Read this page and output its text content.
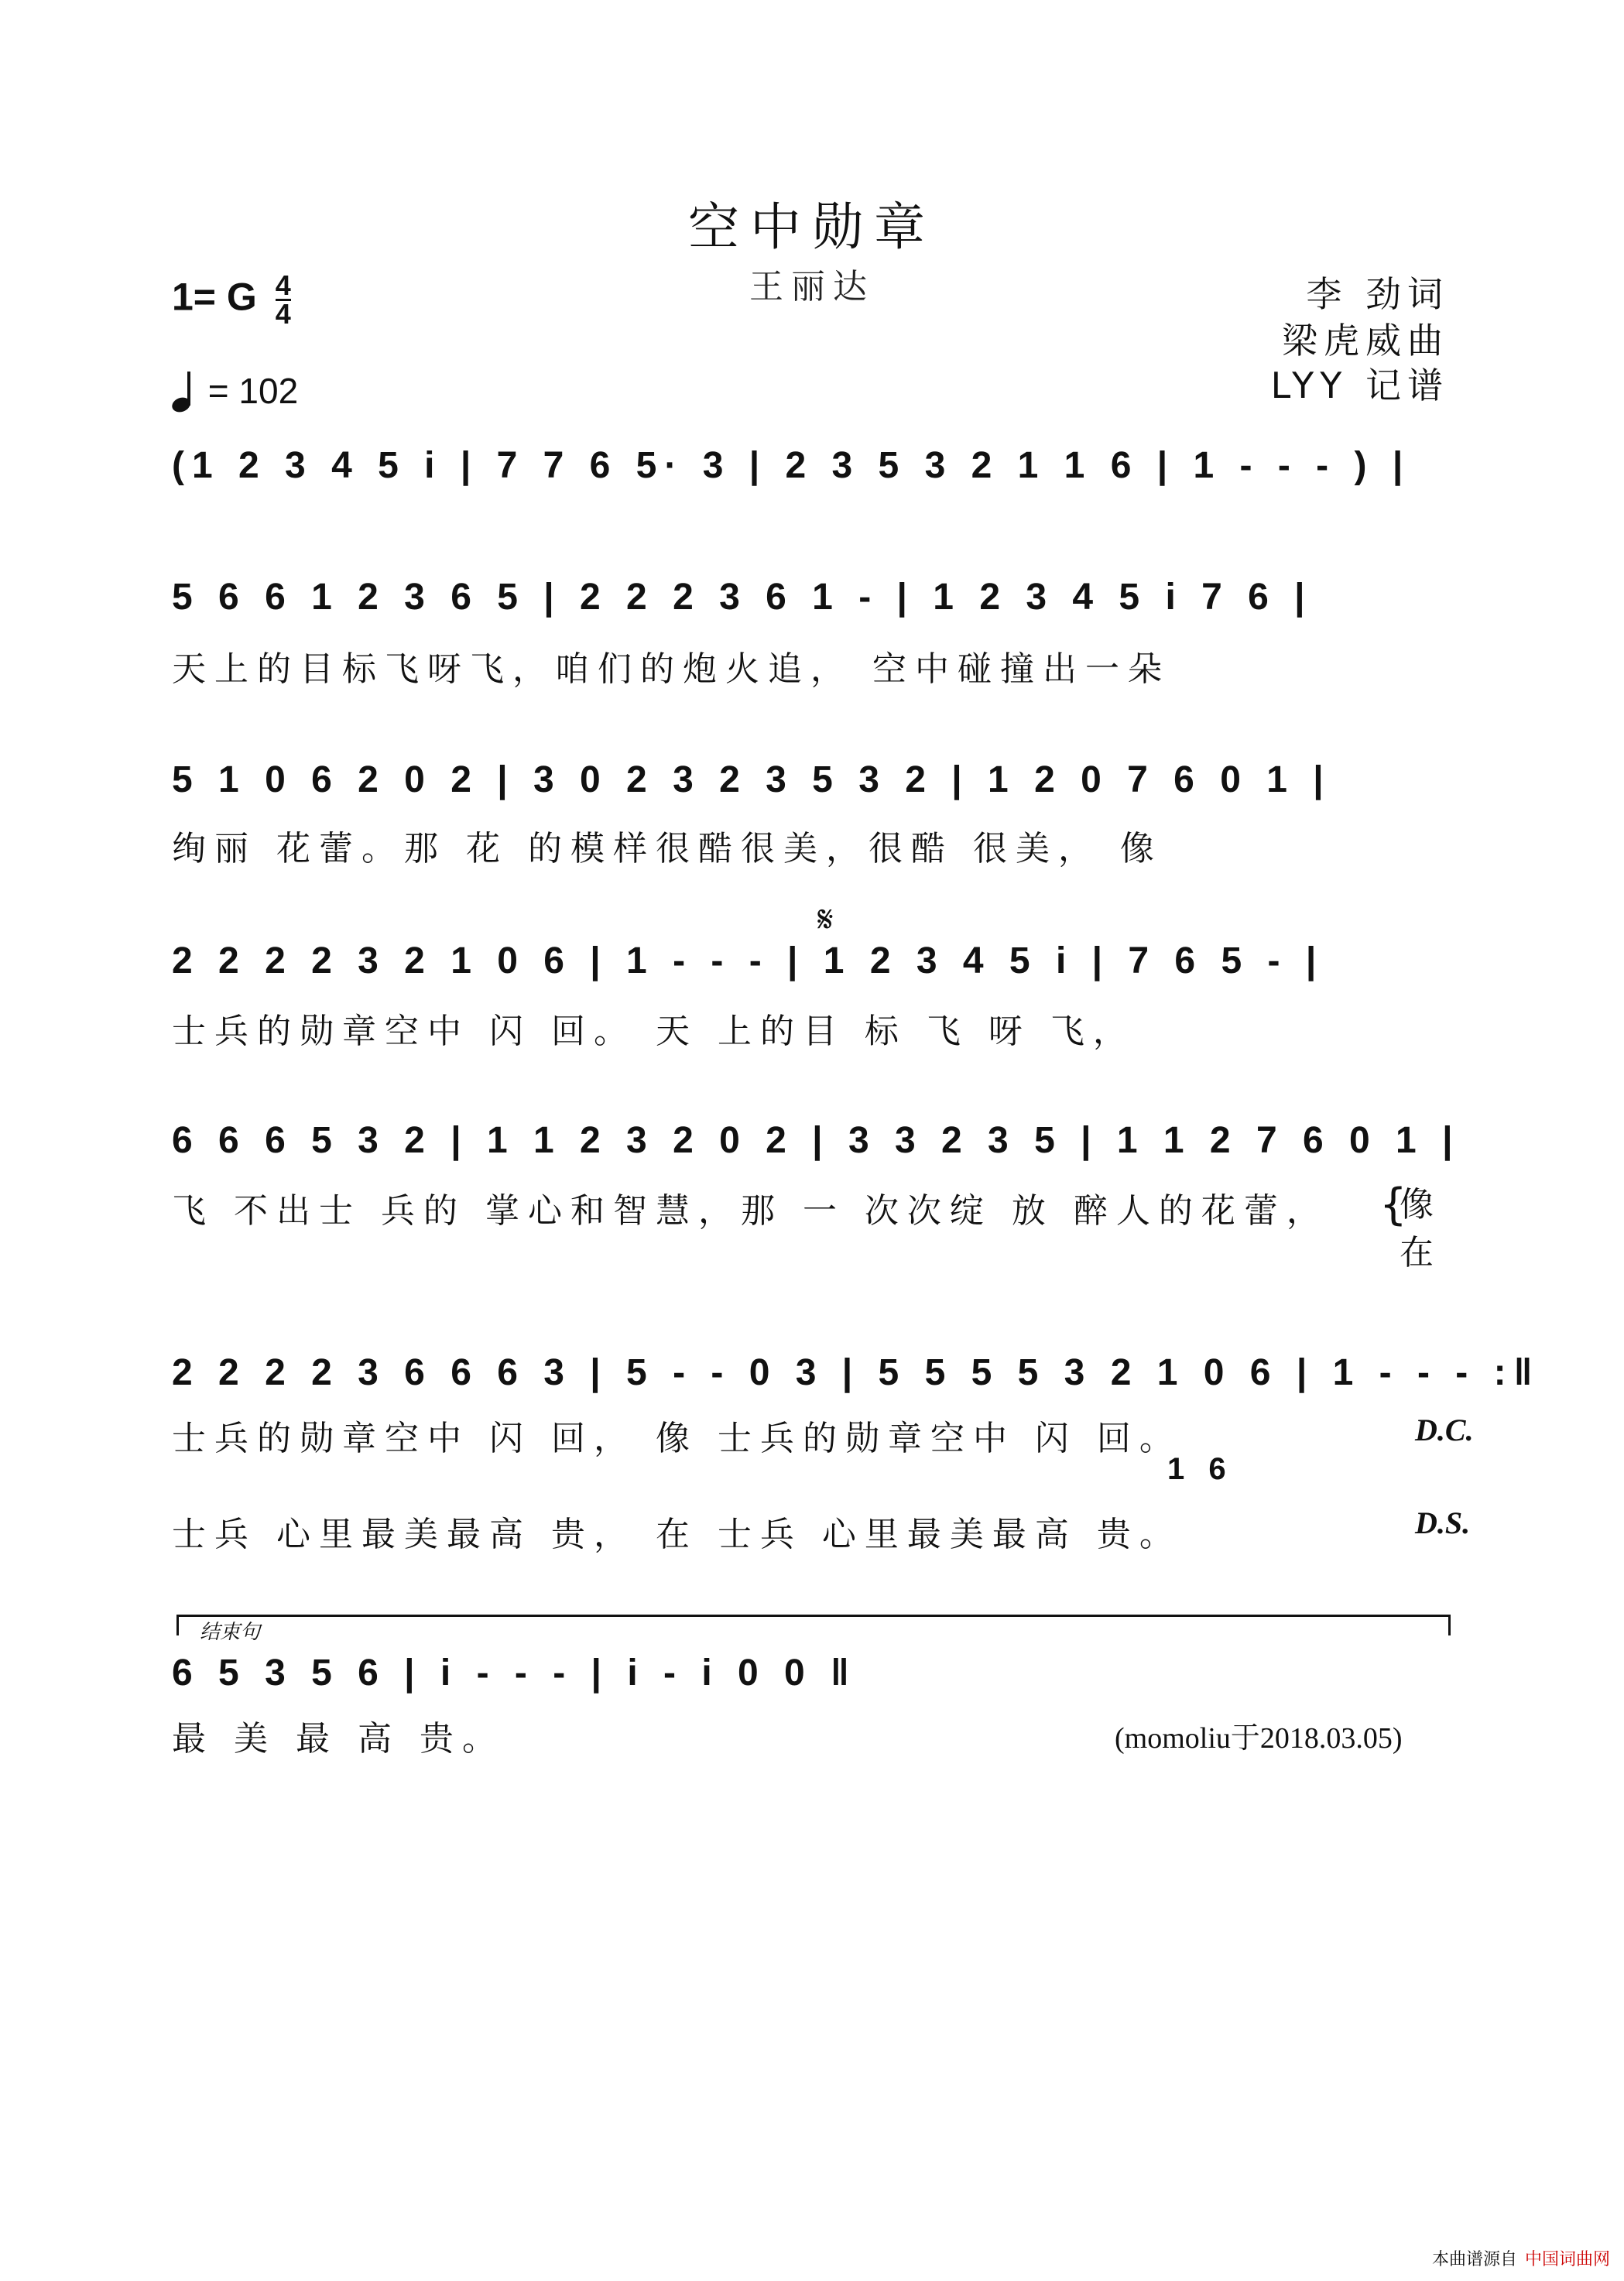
空中勋章
王丽达	李 劲词
梁虎威曲
LYY 记谱
1= G $\frac{4}{4}$
= 102
(1 2 3 4 5 i | 7 7 6 5· 3 | 2 3 5 3 2 1 1 6 | 1 - - - ) |
5 6 6 1 2 3 6 5 | 2 2 2 3 6 1 - | 1 2 3 4 5 i 7 6 |
天上的目标飞呀飞，咱们的炮火追， 空中碰撞出一朵
5 1 0 6 2 0 2 | 3 0 2 3 2 3 5 3 2 | 1 2 0 7 6 0 1 |
绚丽 花蕾。那 花 的模样很酷很美，很酷 很美， 像
𝄋
2 2 2 2 3 2 1 0 6 | 1 - - - | 1 2 3 4 5 i | 7 6 5 - |
士兵的勋章空中 闪 回。 天 上的目 标 飞 呀 飞，
6 6 6 5 3 2 | 1 1 2 3 2 0 2 | 3 3 2 3 5 | 1 1 2 7 6 0 1 |
飞 不出士 兵的 掌心和智慧，那 一 次次绽 放 醉人的花蕾， {
像
在
2 2 2 2 3 6 6 6 3 | 5 - - 0 3 | 5 5 5 5 3 2 1 0 6 | 1 - - - :‖
士兵的勋章空中 闪 回， 像 士兵的勋章空中 闪 回。	D.C.
1 6
士兵 心里最美最高 贵， 在 士兵 心里最美最高 贵。	D.S.
结束句
6 5 3 5 6 | i - - - | i - i 0 0 ‖
最 美 最 高 贵。	(momoliu于2018.03.05)
本曲谱源自 中国词曲网
